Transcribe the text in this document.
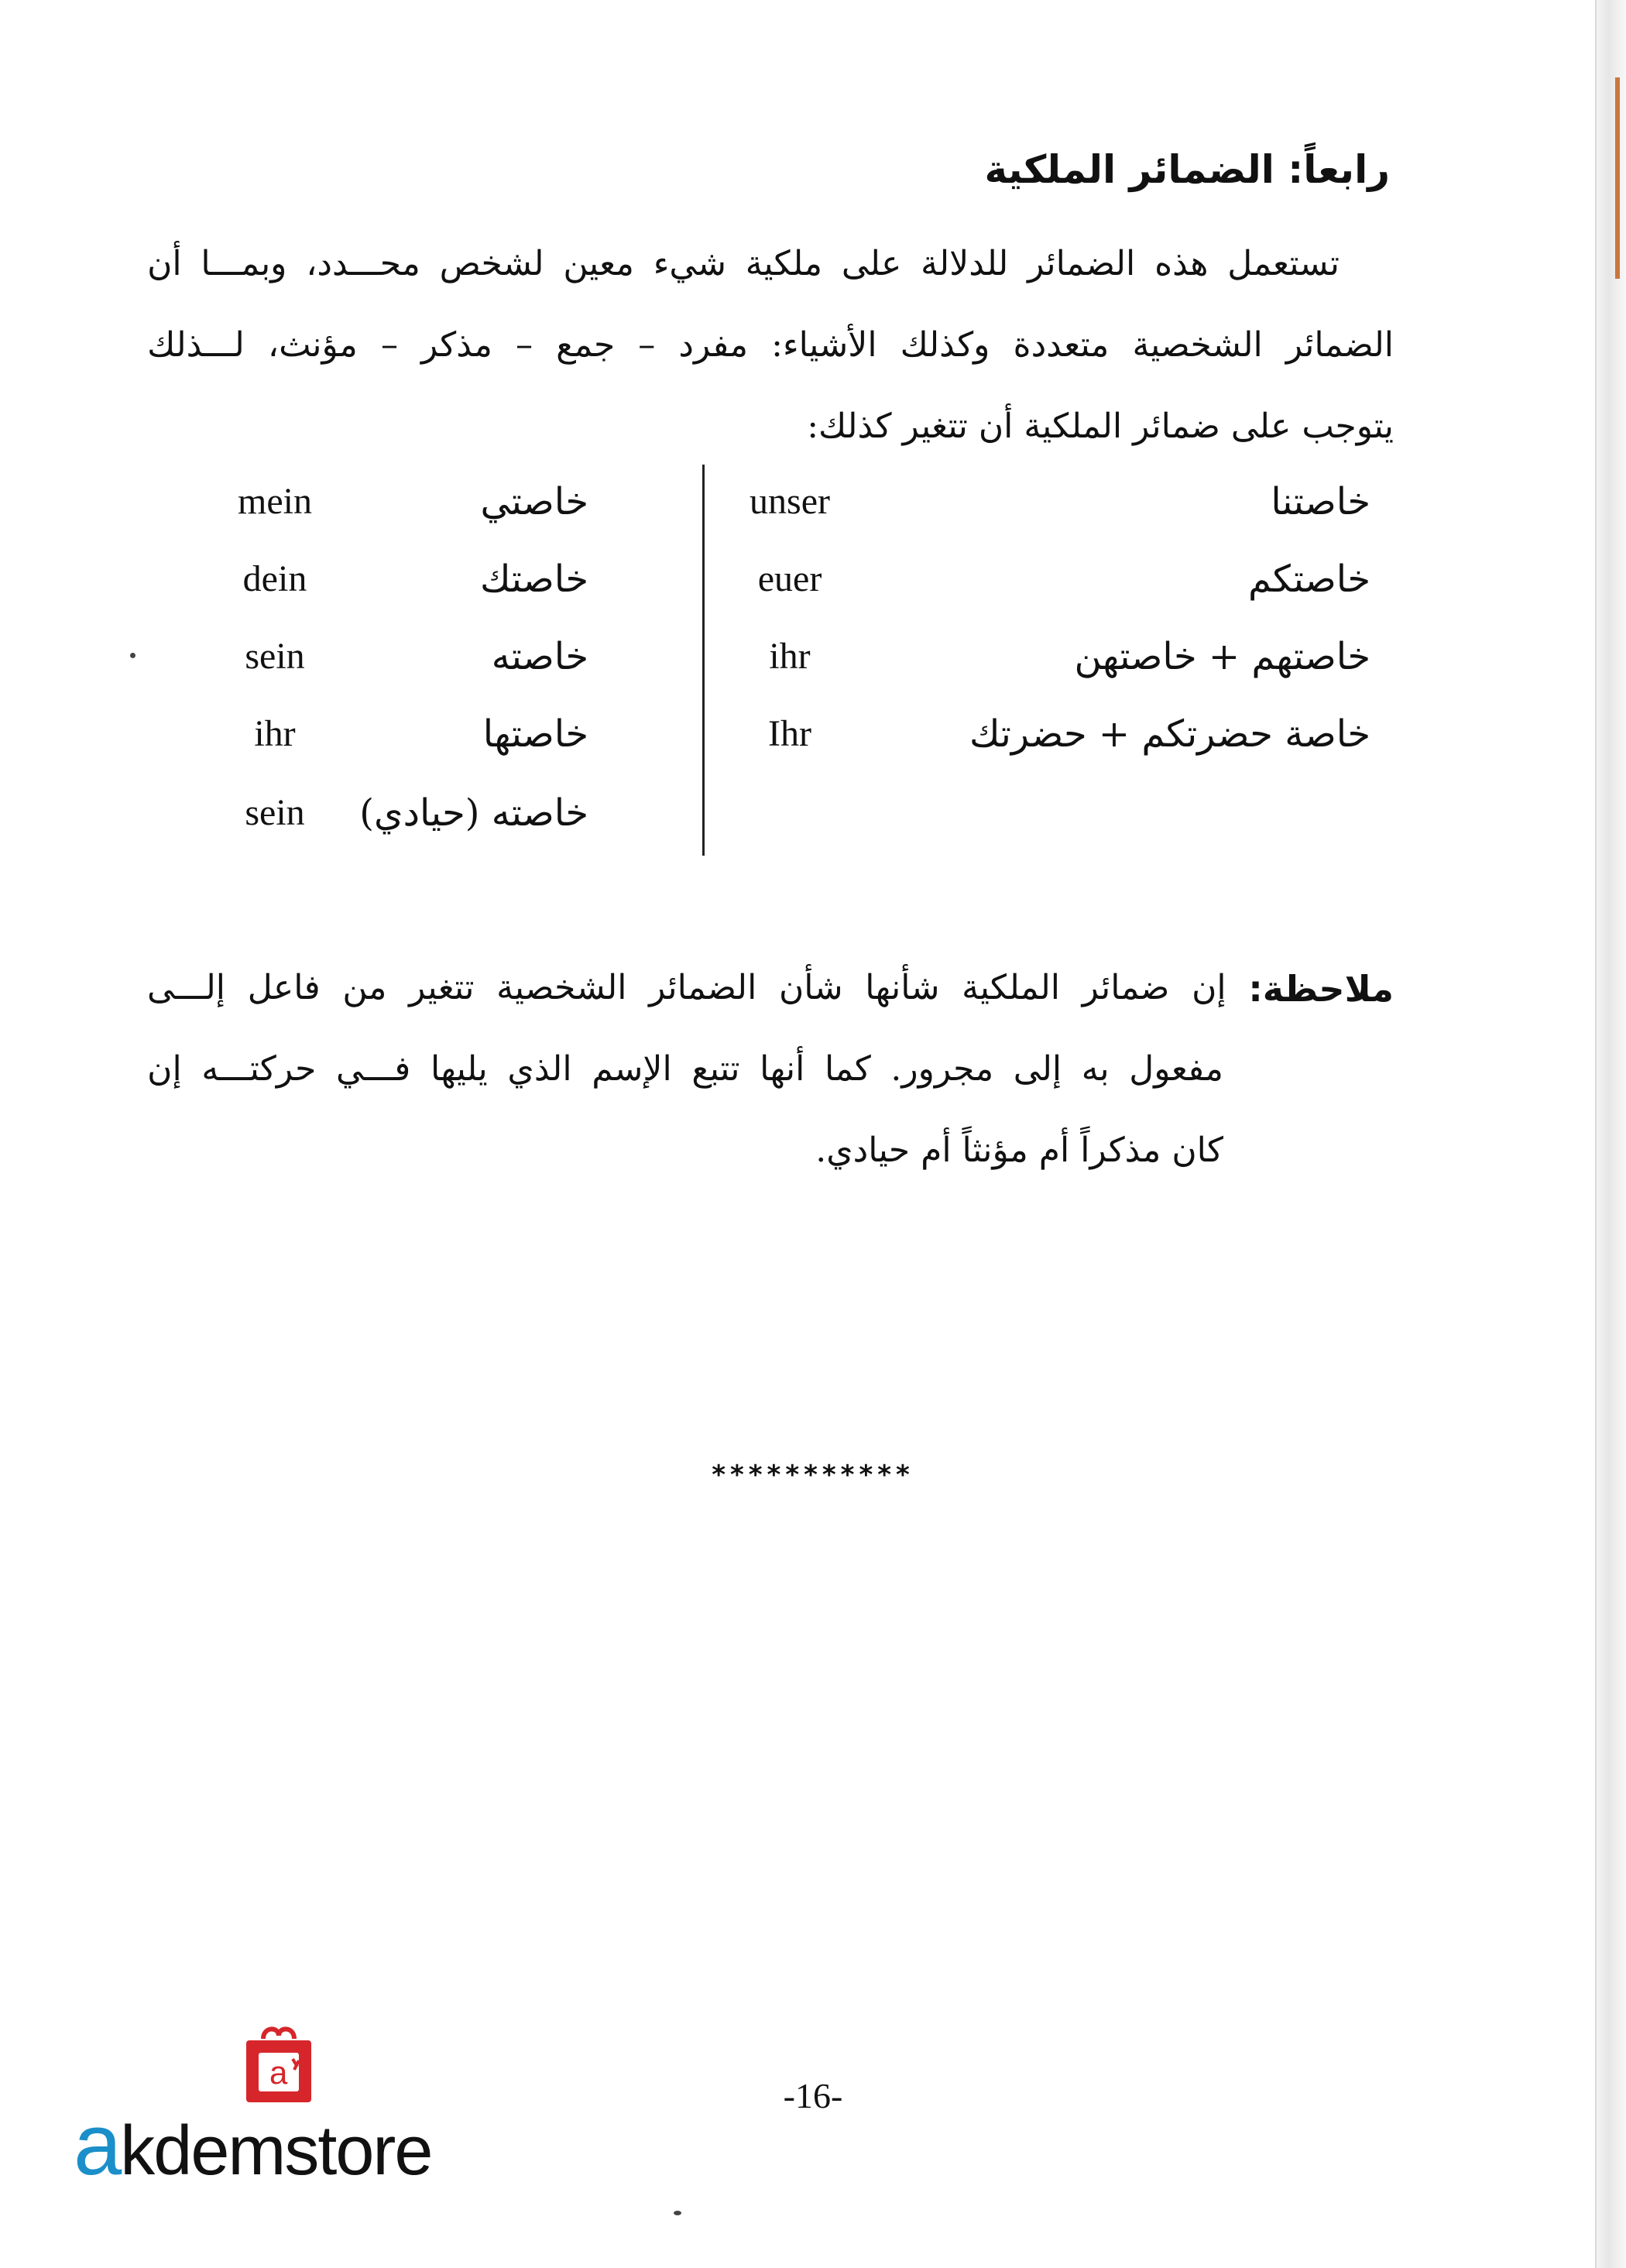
رابعاً: الضمائر الملكية
تستعمل
هذه
الضمائر
للدلالة
على
ملكية
شيء
معين
لشخص
محـــدد،
وبمـــا
أن
الضمائر
الشخصية
متعددة
وكذلك
الأشياء:
مفرد
–
جمع
–
مذكر
–
مؤنث،
لـــذلك
يتوجب على ضمائر الملكية أن تتغير كذلك:
mein	خاصتي
dein	خاصتك
sein	خاصته
ihr	خاصتها
sein	خاصته (حيادي)
unser	خاصتنا
euer	خاصتكم
ihr	خاصتهم + خاصتهن
Ihr	خاصة حضرتكم + حضرتك
ملاحظة:
إن
ضمائر
الملكية
شأنها
شأن
الضمائر
الشخصية
تتغير
من
فاعل
إلـــى
مفعول
به
إلى
مجرور.
كما
أنها
تتبع
الإسم
الذي
يليها
فـــي
حركتـــه
إن
كان مذكراً أم مؤنثاً أم حيادي.
***********
-16-
a
akdemstore
